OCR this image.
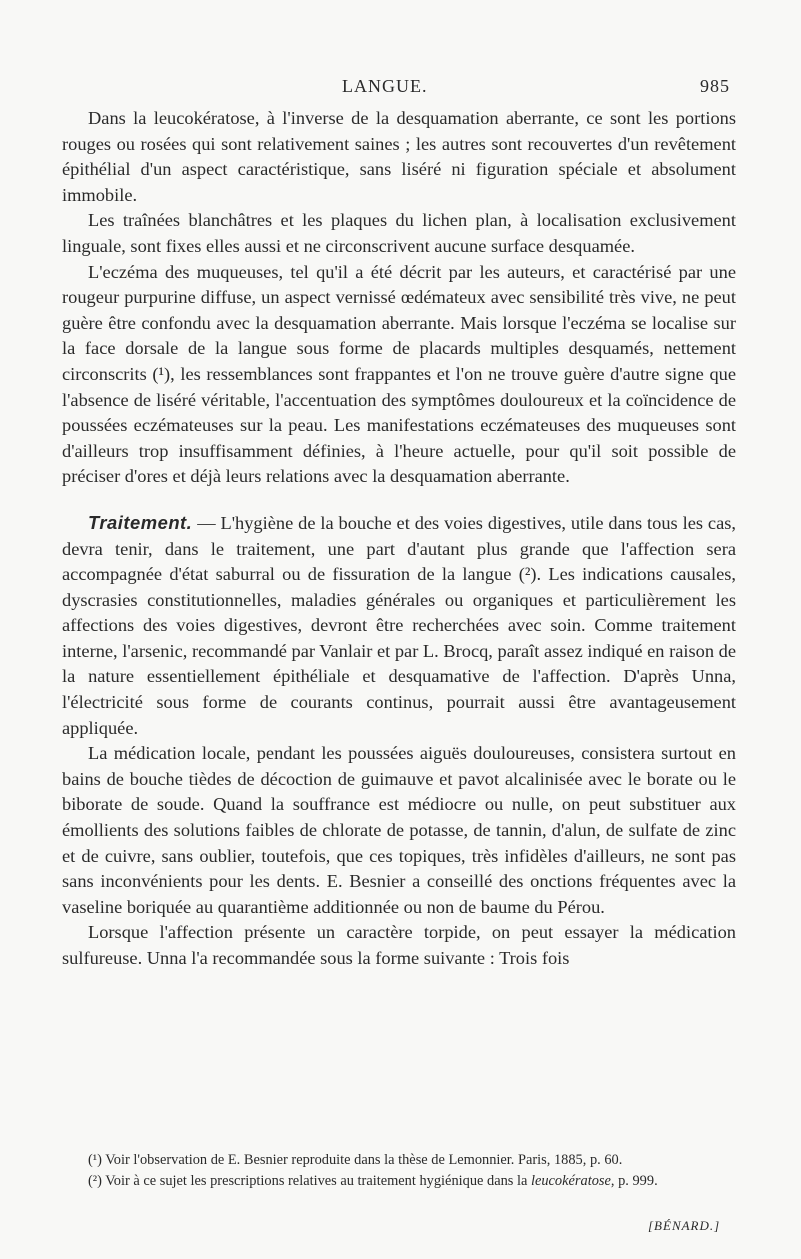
LANGUE.	985

Dans la leucokératose, à l'inverse de la desquamation aberrante, ce sont les portions rouges ou rosées qui sont relativement saines ; les autres sont recouvertes d'un revêtement épithélial d'un aspect caractéristique, sans liséré ni figuration spéciale et absolument immobile.

Les traînées blanchâtres et les plaques du lichen plan, à localisation exclusivement linguale, sont fixes elles aussi et ne circonscrivent aucune surface desquamée.

L'eczéma des muqueuses, tel qu'il a été décrit par les auteurs, et caractérisé par une rougeur purpurine diffuse, un aspect vernissé œdémateux avec sensibilité très vive, ne peut guère être confondu avec la desquamation aberrante. Mais lorsque l'eczéma se localise sur la face dorsale de la langue sous forme de placards multiples desquamés, nettement circonscrits (¹), les ressemblances sont frappantes et l'on ne trouve guère d'autre signe que l'absence de liséré véritable, l'accentuation des symptômes douloureux et la coïncidence de poussées eczémateuses sur la peau. Les manifestations eczémateuses des muqueuses sont d'ailleurs trop insuffisamment définies, à l'heure actuelle, pour qu'il soit possible de préciser d'ores et déjà leurs relations avec la desquamation aberrante.

Traitement. — L'hygiène de la bouche et des voies digestives, utile dans tous les cas, devra tenir, dans le traitement, une part d'autant plus grande que l'affection sera accompagnée d'état saburral ou de fissuration de la langue (²). Les indications causales, dyscrasies constitutionnelles, maladies générales ou organiques et particulièrement les affections des voies digestives, devront être recherchées avec soin. Comme traitement interne, l'arsenic, recommandé par Vanlair et par L. Brocq, paraît assez indiqué en raison de la nature essentiellement épithéliale et desquamative de l'affection. D'après Unna, l'électricité sous forme de courants continus, pourrait aussi être avantageusement appliquée.

La médication locale, pendant les poussées aiguës douloureuses, consistera surtout en bains de bouche tièdes de décoction de guimauve et pavot alcalinisée avec le borate ou le biborate de soude. Quand la souffrance est médiocre ou nulle, on peut substituer aux émollients des solutions faibles de chlorate de potasse, de tannin, d'alun, de sulfate de zinc et de cuivre, sans oublier, toutefois, que ces topiques, très infidèles d'ailleurs, ne sont pas sans inconvénients pour les dents. E. Besnier a conseillé des onctions fréquentes avec la vaseline boriquée au quarantième additionnée ou non de baume du Pérou.

Lorsque l'affection présente un caractère torpide, on peut essayer la médication sulfureuse. Unna l'a recommandée sous la forme suivante : Trois fois

(¹) Voir l'observation de E. Besnier reproduite dans la thèse de Lemonnier. Paris, 1885, p. 60.

(²) Voir à ce sujet les prescriptions relatives au traitement hygiénique dans la leucokératose, p. 999.

[BÉNARD.]
